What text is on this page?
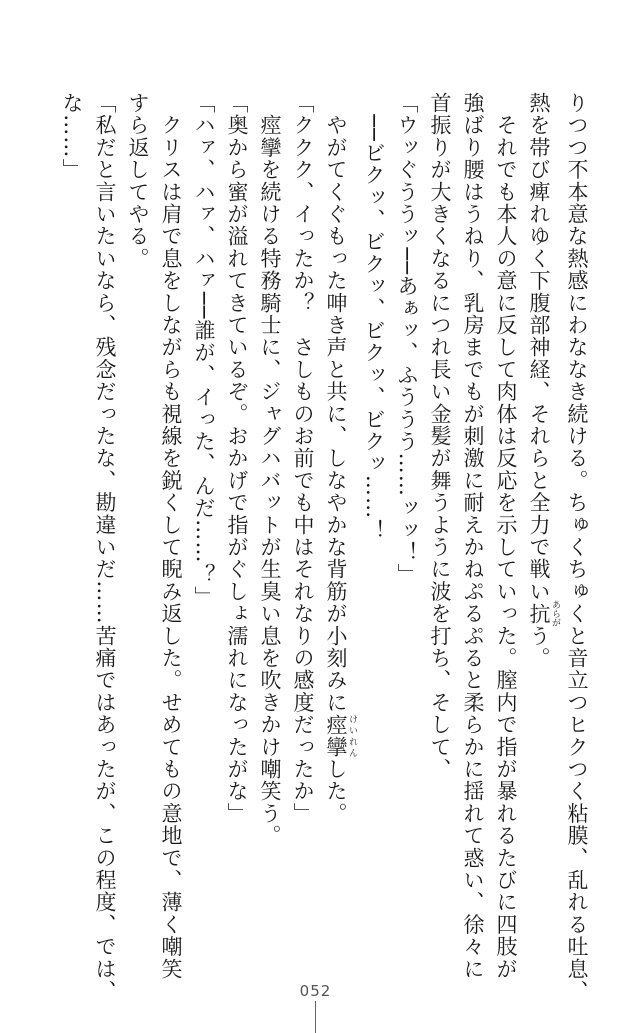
りつつ不本意な熱感にわななき続ける。ちゅくちゅくと音立つヒクつく粘膜、乱れる吐息、
熱を帯び痺れゆく下腹部神経、それらと全力で戦い抗 あらがう。
　それでも本人の意に反して肉体は反応を示していった。膣内で指が暴れるたびに四肢が
強ばり腰はうねり、乳房までもが刺激に耐えかねぷるぷると柔らかに揺れて惑い、徐々に
首振りが大きくなるにつれ長い金髪が舞うように波を打ち、そして、
「ウッぐううッ──あぁッ、ふううう……ッッ！」
　──ビクッ、ビクッ、ビクッ、ビクッ……！
　やがてくぐもった呻き声と共に、しなやかな背筋が小刻みに痙攣 けいれんした。
「ククク、イったか？　さしものお前でも中はそれなりの感度だったか」
　痙攣を続ける特務騎士に、ジャグハバットが生臭い息を吹きかけ嘲笑う。
「奥から蜜が溢れてきているぞ。おかげで指がぐしょ濡れになったがな」
「ハァ、ハァ、ハァ──誰が、イった、んだ……？」
　クリスは肩で息をしながらも視線を鋭くして睨み返した。せめてもの意地で、薄く嘲笑
すら返してやる。
「私だと言いたいなら、残念だったな、勘違いだ……苦痛ではあったが、この程度、では、
な……」
052
